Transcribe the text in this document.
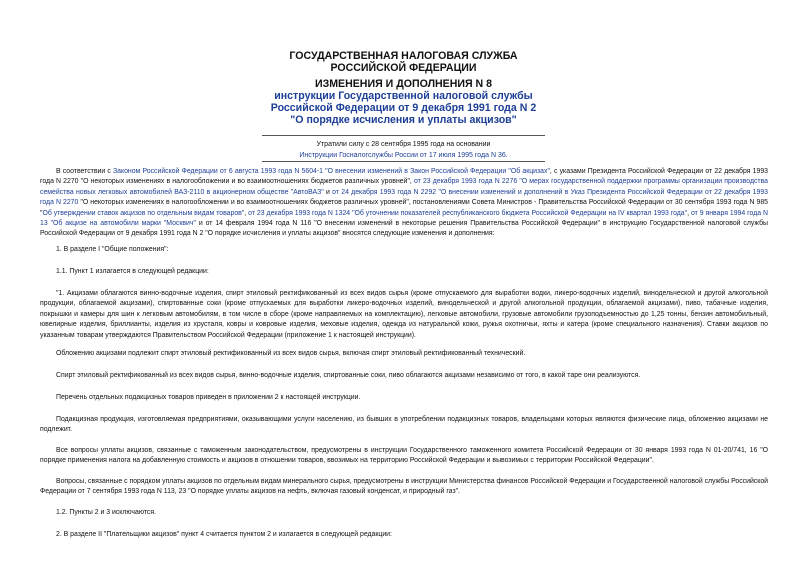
ГОСУДАРСТВЕННАЯ НАЛОГОВАЯ СЛУЖБА
РОССИЙСКОЙ ФЕДЕРАЦИИ
ИЗМЕНЕНИЯ И ДОПОЛНЕНИЯ N 8
инструкции Государственной налоговой службы
Российской Федерации от 9 декабря 1991 года N 2
"О порядке исчисления и уплаты акцизов"
Утратили силу с 28 сентября 1995 года на основании
Инструкции Госналогслужбы России от 17 июля 1995 года N 36.
В соответствии с Законом Российской Федерации от 6 августа 1993 года N 5604-1 "О внесении изменений в Закон Российской Федерации "Об акцизах", с указами Президента Российской Федерации от 22 декабря 1993 года N 2270 "О некоторых изменениях в налогообложении и во взаимоотношениях бюджетов различных уровней", от 23 декабря 1993 года N 2276 "О мерах государственной поддержки программы организации производства семейства новых легковых автомобилей ВАЗ-2110 в акционерном обществе "АвтоВАЗ" и от 24 декабря 1993 года N 2292 "О внесении изменений и дополнений в Указ Президента Российской Федерации от 22 декабря 1993 года N 2270 "О некоторых изменениях в налогообложении и во взаимоотношениях бюджетов различных уровней", постановлениями Совета Министров - Правительства Российской Федерации от 30 сентября 1993 года N 985 "Об утверждении ставок акцизов по отдельным видам товаров", от 23 декабря 1993 года N 1324 "Об уточнении показателей республиканского бюджета Российской Федерации на IV квартал 1993 года", от 9 января 1994 года N 13 "Об акцизе на автомобили марки "Москвич" и от 14 февраля 1994 года N 116 "О внесении изменений в некоторые решения Правительства Российской Федерации" в инструкцию Государственной налоговой службы Российской Федерации от 9 декабря 1991 года N 2 "О порядке исчисления и уплаты акцизов" вносятся следующие изменения и дополнения:
1. В разделе I "Общие положения":
1.1. Пункт 1 излагается в следующей редакции:
"1. Акцизами облагаются винно-водочные изделия, спирт этиловый ректификованный из всех видов сырья (кроме отпускаемого для выработки водки, ликеро-водочных изделий, винодельческой и другой алкогольной продукции, облагаемой акцизами), спиртованные соки (кроме отпускаемых для выработки ликеро-водочных изделий, винодельческой и другой алкогольной продукции, облагаемой акцизами), пиво, табачные изделия, покрышки и камеры для шин к легковым автомобилям, в том числе в сборе (кроме направляемых на комплектацию), легковые автомобили, грузовые автомобили грузоподъемностью до 1,25 тонны, бензин автомобильный, ювелирные изделия, бриллианты, изделия из хрусталя, ковры и ковровые изделия, меховые изделия, одежда из натуральной кожи, ружья охотничьи, яхты и катера (кроме специального назначения). Ставки акцизов по указанным товарам утверждаются Правительством Российской Федерации (приложение 1 к настоящей инструкции).
Обложению акцизами подлежит спирт этиловый ректификованный из всех видов сырья, включая спирт этиловый ректификованный технический.
Спирт этиловый ректификованный из всех видов сырья, винно-водочные изделия, спиртованные соки, пиво облагаются акцизами независимо от того, в какой таре они реализуются.
Перечень отдельных подакцизных товаров приведен в приложении 2 к настоящей инструкции.
Подакцизная продукция, изготовляемая предприятиями, оказывающими услуги населению, из бывших в употреблении подакцизных товаров, владельцами которых являются физические лица, обложению акцизами не подлежит.
Все вопросы уплаты акцизов, связанные с таможенным законодательством, предусмотрены в инструкции Государственного таможенного комитета Российской Федерации от 30 января 1993 года N 01-20/741, 16 "О порядке применения налога на добавленную стоимость и акцизов в отношении товаров, ввозимых на территорию Российской Федерации и вывозимых с территории Российской Федерации".
Вопросы, связанные с порядком уплаты акцизов по отдельным видам минерального сырья, предусмотрены в инструкции Министерства финансов Российской Федерации и Государственной налоговой службы Российской Федерации от 7 сентября 1993 года N 113, 23 "О порядке уплаты акцизов на нефть, включая газовый конденсат, и природный газ".
1.2. Пункты 2 и 3 исключаются.
2. В разделе II "Плательщики акцизов" пункт 4 считается пунктом 2 и излагается в следующей редакции:
